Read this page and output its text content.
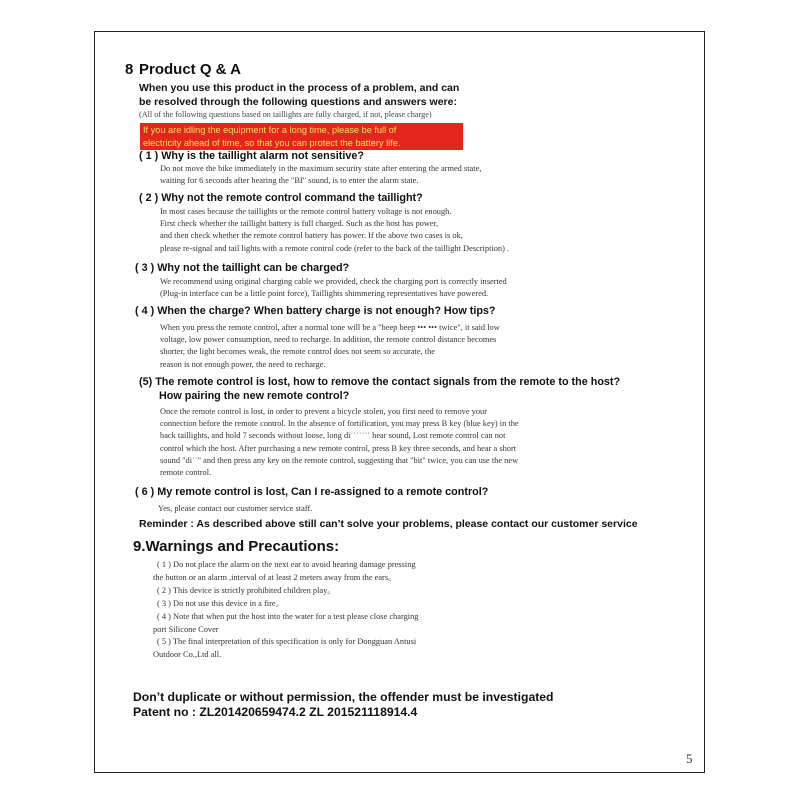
8 Product Q & A
When you use this product in the process of a problem, and can
be resolved through the following questions and answers were:
(All of the following questions based on taillights are fully charged, if not, please charge)
If you are idling the equipment for a long time, please be full of
electricity ahead of time, so that you can protect the battery life.
( 1 ) Why is the taillight alarm not sensitive?
Do not move the bike immediately in the maximum security state after entering the armed state,
waiting for 6 seconds after hearing the "BI" sound, is to enter the alarm state.
( 2 ) Why not the remote control command the taillight?
In most cases because the taillights or the remote control battery voltage is not enough.
First check whether the taillight battery is full charged. Such as the host has power,
and then check whether the remote control battery has power. If the above two cases is ok,
please re-signal and tail lights with a remote control code (refer to the back of the taillight Description) .
( 3 ) Why not the taillight can be charged?
We recommend using original charging cable we provided, check the charging port is correctly inserted
(Plug-in interface can be a little point force), Taillights shimmering representatives have powered.
( 4 ) When the charge? When battery charge is not enough? How tips?
When you press the remote control, after a normal tone will be a "beep beep ••• ••• twice", it said low
voltage, low power consumption, need to recharge. In addition, the remote control distance becomes
shorter, the light becomes weak, the remote control does not seem so accurate, the
reason is not enough power, the need to recharge.
(5) The remote control is lost, how to remove the contact signals from the remote to the host?
How pairing the new remote control?
Once the remote control is lost, in order to prevent a bicycle stolen, you first need to remove your
connection before the remote control. In the absence of fortification, you may press B key (blue key) in the
back taillights, and hold 7 seconds without loose, long di˙˙˙˙˙˙˙ hear sound, Lost remote control can not
control which the host. After purchasing a new remote control, press B key three seconds, and hear a short
sound "di˙˙" and then press any key on the remote control, suggesting that "bit" twice, you can use the new
remote control.
( 6 ) My remote control is lost, Can I re-assigned to a remote control?
Yes, please contact our customer service staff.
Reminder : As described above still can’t solve your problems, please contact our customer service
9.Warnings and Precautions:
( 1 ) Do not place the alarm on the next ear to avoid hearing damage pressing
the button or an alarm ,interval of at least 2 meters away from the ears。
( 2 ) This device is strictly prohibited children play。
( 3 ) Do not use this device in a fire。
( 4 ) Note that when put the host into the water for a test please close charging
port Silicone Cover
( 5 ) The final interpretation of this specification is only for Dongguan Antusi
Outdoor Co.,Ltd all.
Don’t duplicate or without permission, the offender must be investigated
Patent no : ZL201420659474.2 ZL 201521118914.4
5
